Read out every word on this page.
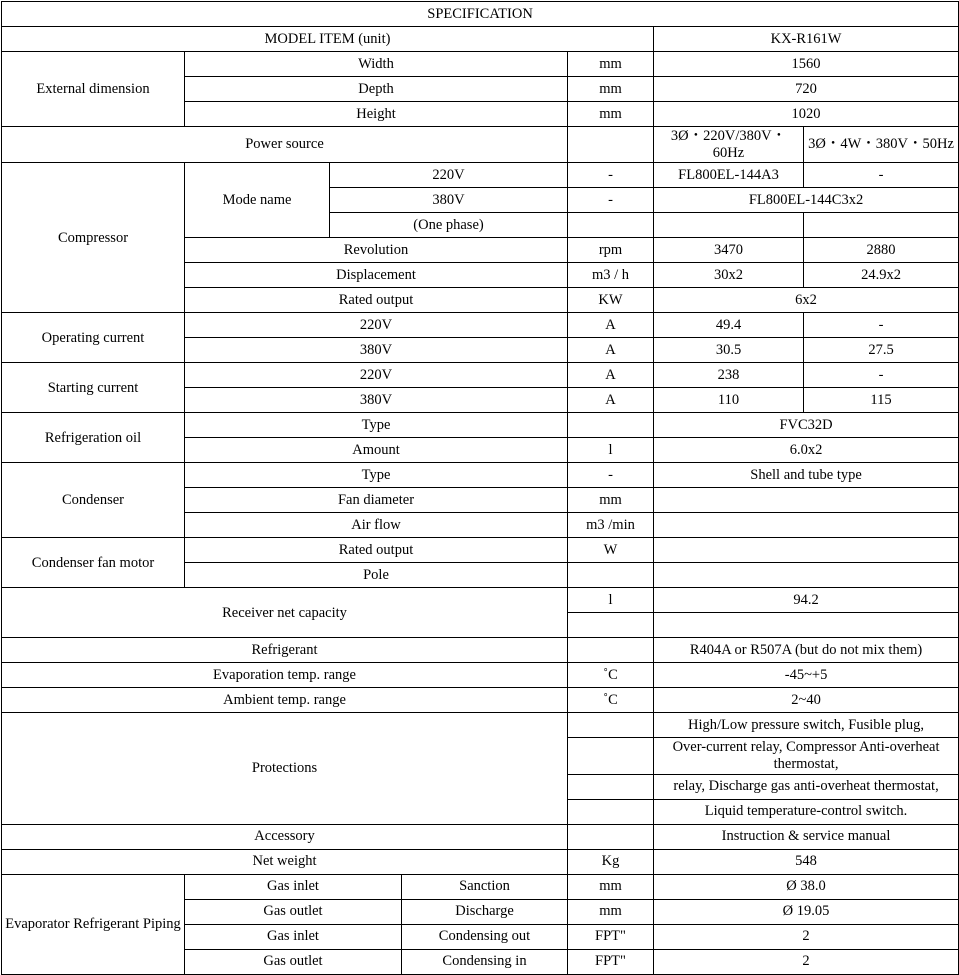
SPECIFICATION						
MODEL ITEM (unit)					KX-R161W	
External dimension	Width			mm	1560	
	Depth			mm	720	
	Height			mm	1020	
Power source					3Ø・220V/380V・60Hz	3Ø・4W・380V・50Hz
Compressor	Mode name	220V		-	FL800EL-144A3	-
		380V		-	FL800EL-144C3x2	
		(One phase)				
	Revolution			rpm	3470	2880
	Displacement			m3 / h	30x2	24.9x2
	Rated output			KW	6x2	
Operating current	220V			A	49.4	-
	380V			A	30.5	27.5
Starting current	220V			A	238	-
	380V			A	110	115
Refrigeration oil	Type				FVC32D	
	Amount			l	6.0x2	
Condenser	Type			-	Shell and tube type	
	Fan diameter			mm		
	Air flow			m3 /min		
Condenser fan motor	Rated output			W		
	Pole					
Receiver net capacity				l	94.2	

Refrigerant					R404A or R507A (but do not mix them)	
Evaporation temp. range				˚C	-45~+5	
Ambient temp. range				˚C	2~40	
Protections					High/Low pressure switch, Fusible plug,	
					Over-current relay, Compressor Anti-overheat thermostat,	
					relay, Discharge gas anti-overheat thermostat,	
					Liquid temperature-control switch.	
Accessory					Instruction & service manual	
Net weight				Kg	548	
Evaporator Refrigerant Piping	Gas inlet		Sanction	mm	Ø 38.0	
	Gas outlet		Discharge	mm	Ø 19.05	
	Gas inlet		Condensing out	FPT"	2	
	Gas outlet		Condensing in	FPT"	2	
